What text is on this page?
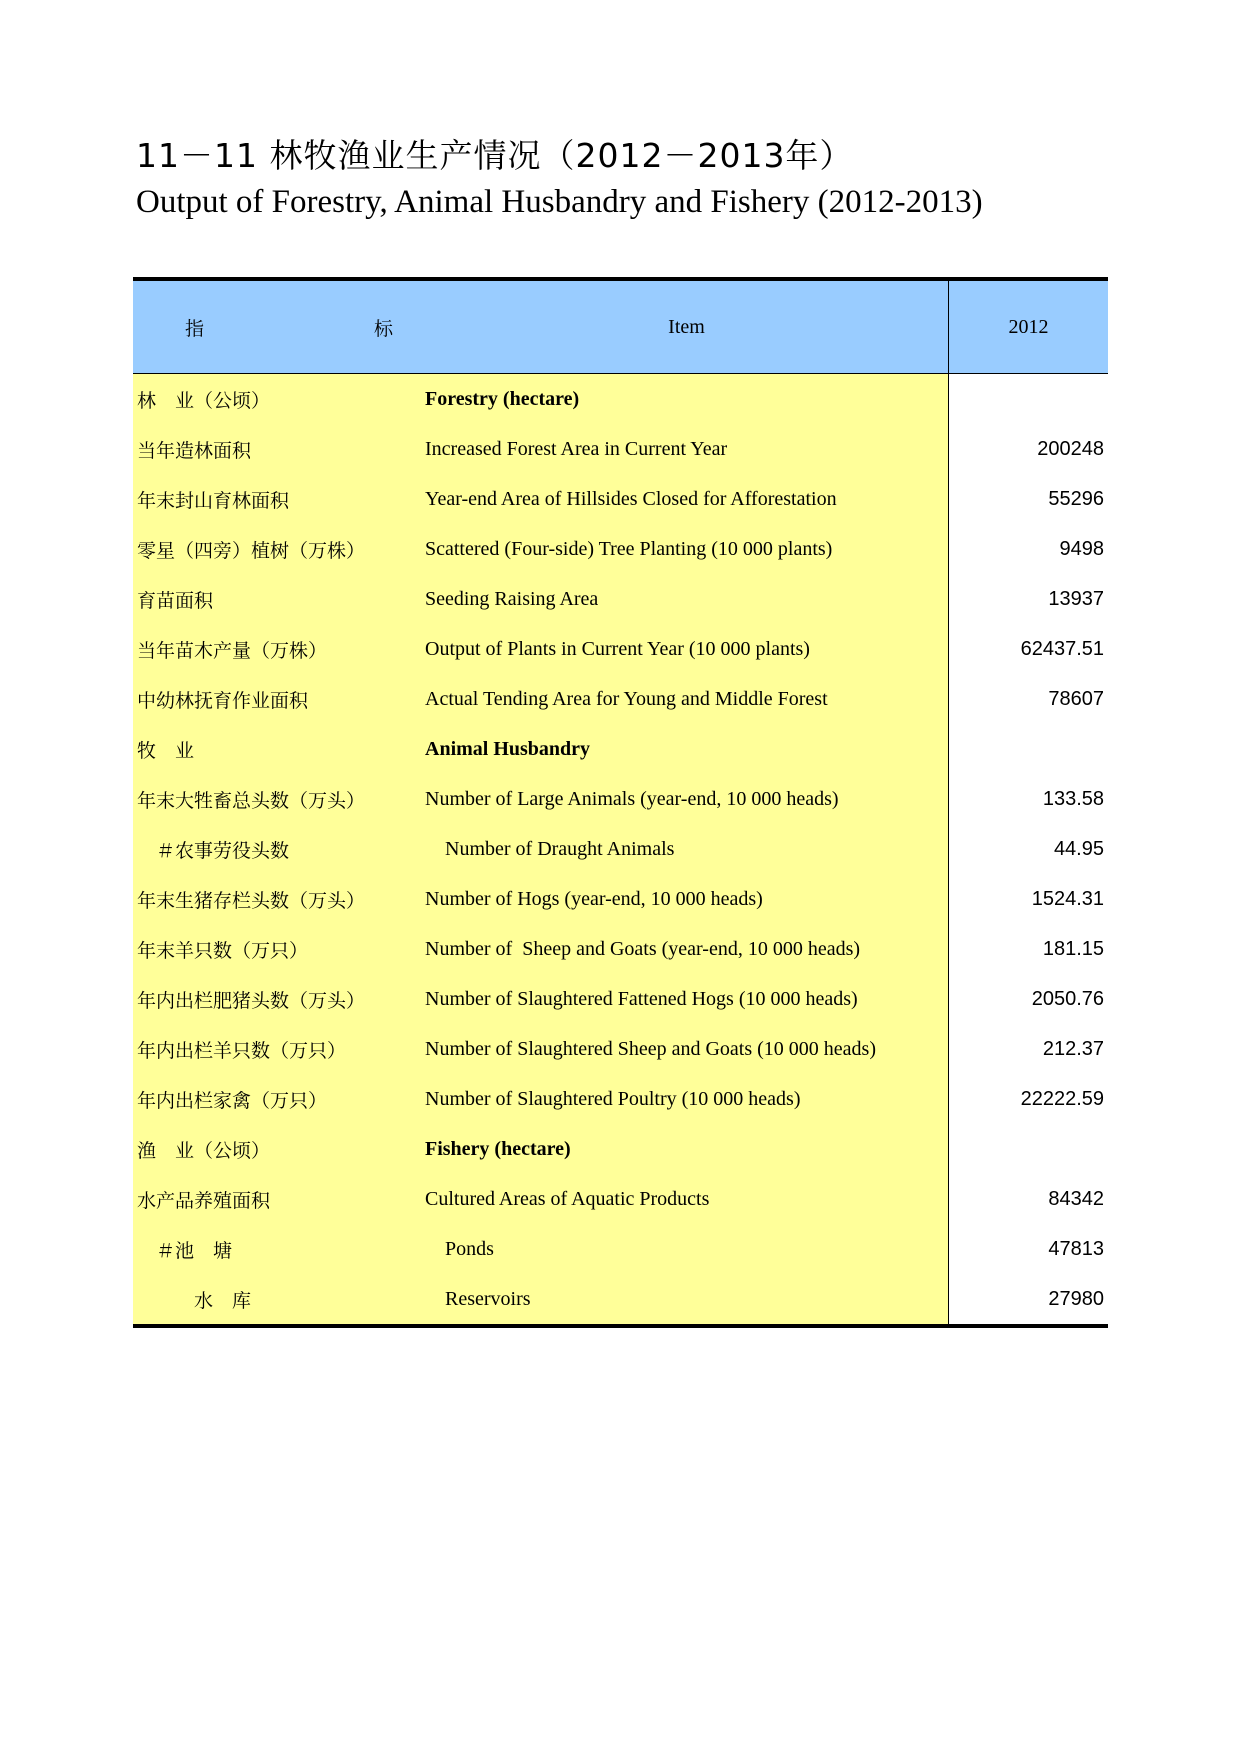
11－11 林牧渔业生产情况（2012－2013年）
Output of Forestry, Animal Husbandry and Fishery (2012-2013)
指	标	Item	2012
林　业（公顷）	Forestry (hectare)
当年造林面积	Increased Forest Area in Current Year	200248
年末封山育林面积	Year-end Area of Hillsides Closed for Afforestation	55296
零星（四旁）植树（万株）	Scattered (Four-side) Tree Planting (10 000 plants)	9498
育苗面积	Seeding Raising Area	13937
当年苗木产量（万株）	Output of Plants in Current Year (10 000 plants)	62437.51
中幼林抚育作业面积	Actual Tending Area for Young and Middle Forest	78607
牧　业	Animal Husbandry
年末大牲畜总头数（万头）	Number of Large Animals (year-end, 10 000 heads)	133.58
　＃农事劳役头数	Number of Draught Animals	44.95
年末生猪存栏头数（万头）	Number of Hogs (year-end, 10 000 heads)	1524.31
年末羊只数（万只）	Number of  Sheep and Goats (year-end, 10 000 heads)	181.15
年内出栏肥猪头数（万头）	Number of Slaughtered Fattened Hogs (10 000 heads)	2050.76
年内出栏羊只数（万只）	Number of Slaughtered Sheep and Goats (10 000 heads)	212.37
年内出栏家禽（万只）	Number of Slaughtered Poultry (10 000 heads)	22222.59
渔　业（公顷）	Fishery (hectare)
水产品养殖面积	Cultured Areas of Aquatic Products	84342
　＃池　塘	Ponds	47813
　　　水　库	Reservoirs	27980
